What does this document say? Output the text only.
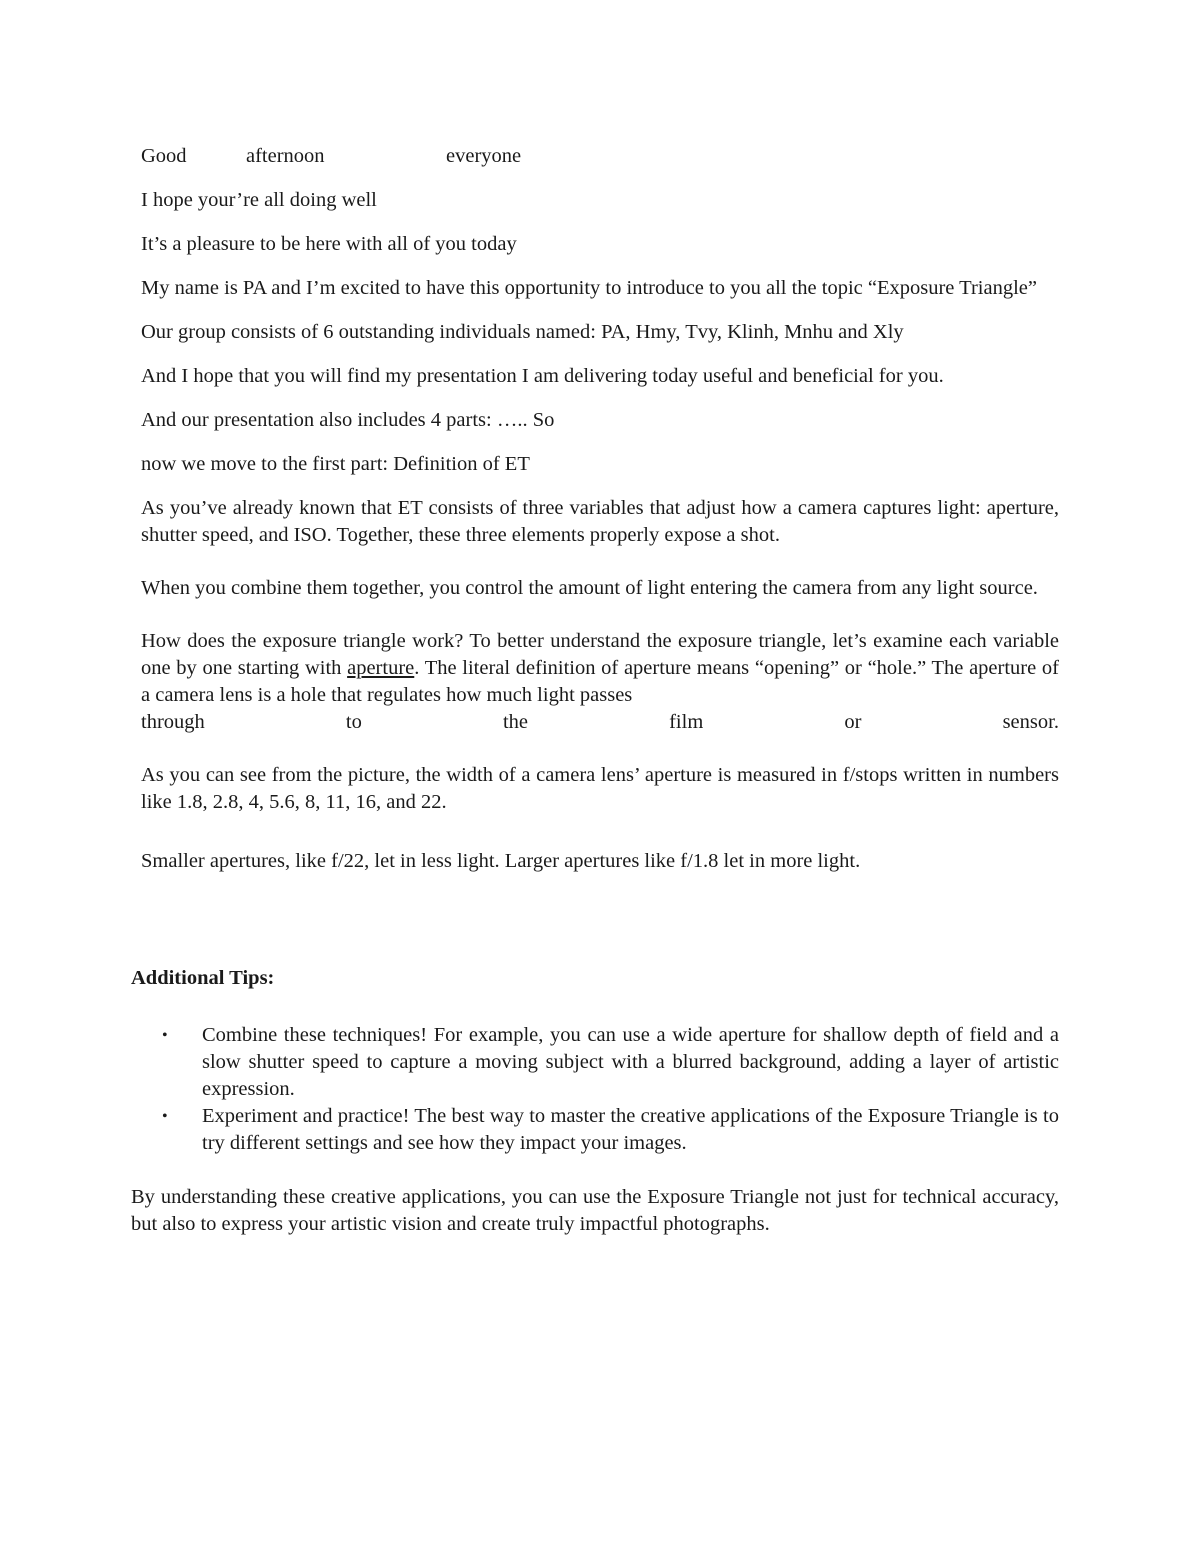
Good	afternoon	everyone

I hope your’re all doing well

It’s a pleasure to be here with all of you today

My name is PA and I’m excited to have this opportunity to introduce to you all the topic “Exposure Triangle”

Our group consists of 6 outstanding individuals named: PA, Hmy, Tvy, Klinh, Mnhu and Xly

And I hope that you will find my presentation I am delivering today useful and beneficial for you.

And our presentation also includes 4 parts: ….. So

now we move to the first part: Definition of ET

As you’ve already known that ET consists of three variables that adjust how a camera captures light: aperture, shutter speed, and ISO. Together, these three elements properly expose a shot.

When you combine them together, you control the amount of light entering the camera from any light source.

How does the exposure triangle work? To better understand the exposure triangle, let’s examine each variable one by one starting with aperture. The literal definition of aperture means “opening” or “hole.” The aperture of a camera lens is a hole that regulates how much light passes

through	to	the	film	or	sensor.

As you can see from the picture, the width of a camera lens’ aperture is measured in f/stops written in numbers like 1.8, 2.8, 4, 5.6, 8, 11, 16, and 22.

Smaller apertures, like f/22, let in less light. Larger apertures like f/1.8 let in more light.

Additional Tips:
• Combine these techniques! For example, you can use a wide aperture for shallow depth of field and a slow shutter speed to capture a moving subject with a blurred background, adding a layer of artistic expression.
• Experiment and practice! The best way to master the creative applications of the Exposure Triangle is to try different settings and see how they impact your images.

By understanding these creative applications, you can use the Exposure Triangle not just for technical accuracy, but also to express your artistic vision and create truly impactful photographs.
